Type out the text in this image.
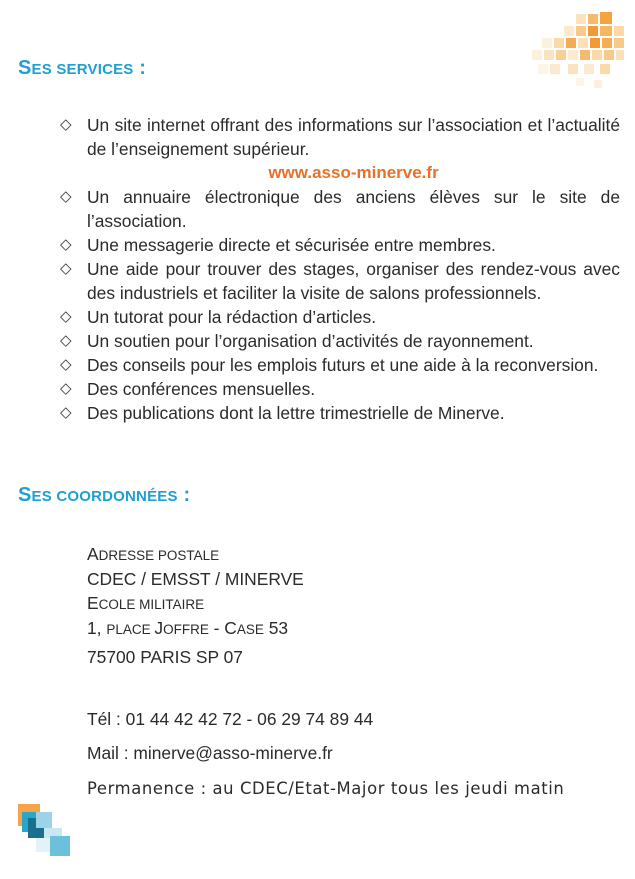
SES SERVICES :
◇ Un site internet offrant des informations sur l’association et l’actualité de l’enseignement supérieur.
www.asso-minerve.fr
◇ Un annuaire électronique des anciens élèves sur le site de l’association.
◇ Une messagerie directe et sécurisée entre membres.
◇ Une aide pour trouver des stages, organiser des rendez-vous avec des industriels et faciliter la visite de salons professionnels.
◇ Un tutorat pour la rédaction d’articles.
◇ Un soutien pour l’organisation d’activités de rayonnement.
◇ Des conseils pour les emplois futurs et une aide à la reconversion.
◇ Des conférences mensuelles.
◇ Des publications dont la lettre trimestrielle de Minerve.
SES COORDONNÉES :
ADRESSE POSTALE
CDEC / EMSST / MINERVE
ECOLE MILITAIRE
1, PLACE JOFFRE - CASE 53
75700 PARIS SP 07
Tél : 01 44 42 42 72 - 06 29 74 89 44
Mail : minerve@asso-minerve.fr
Permanence : au CDEC/Etat-Major tous les jeudi matin
